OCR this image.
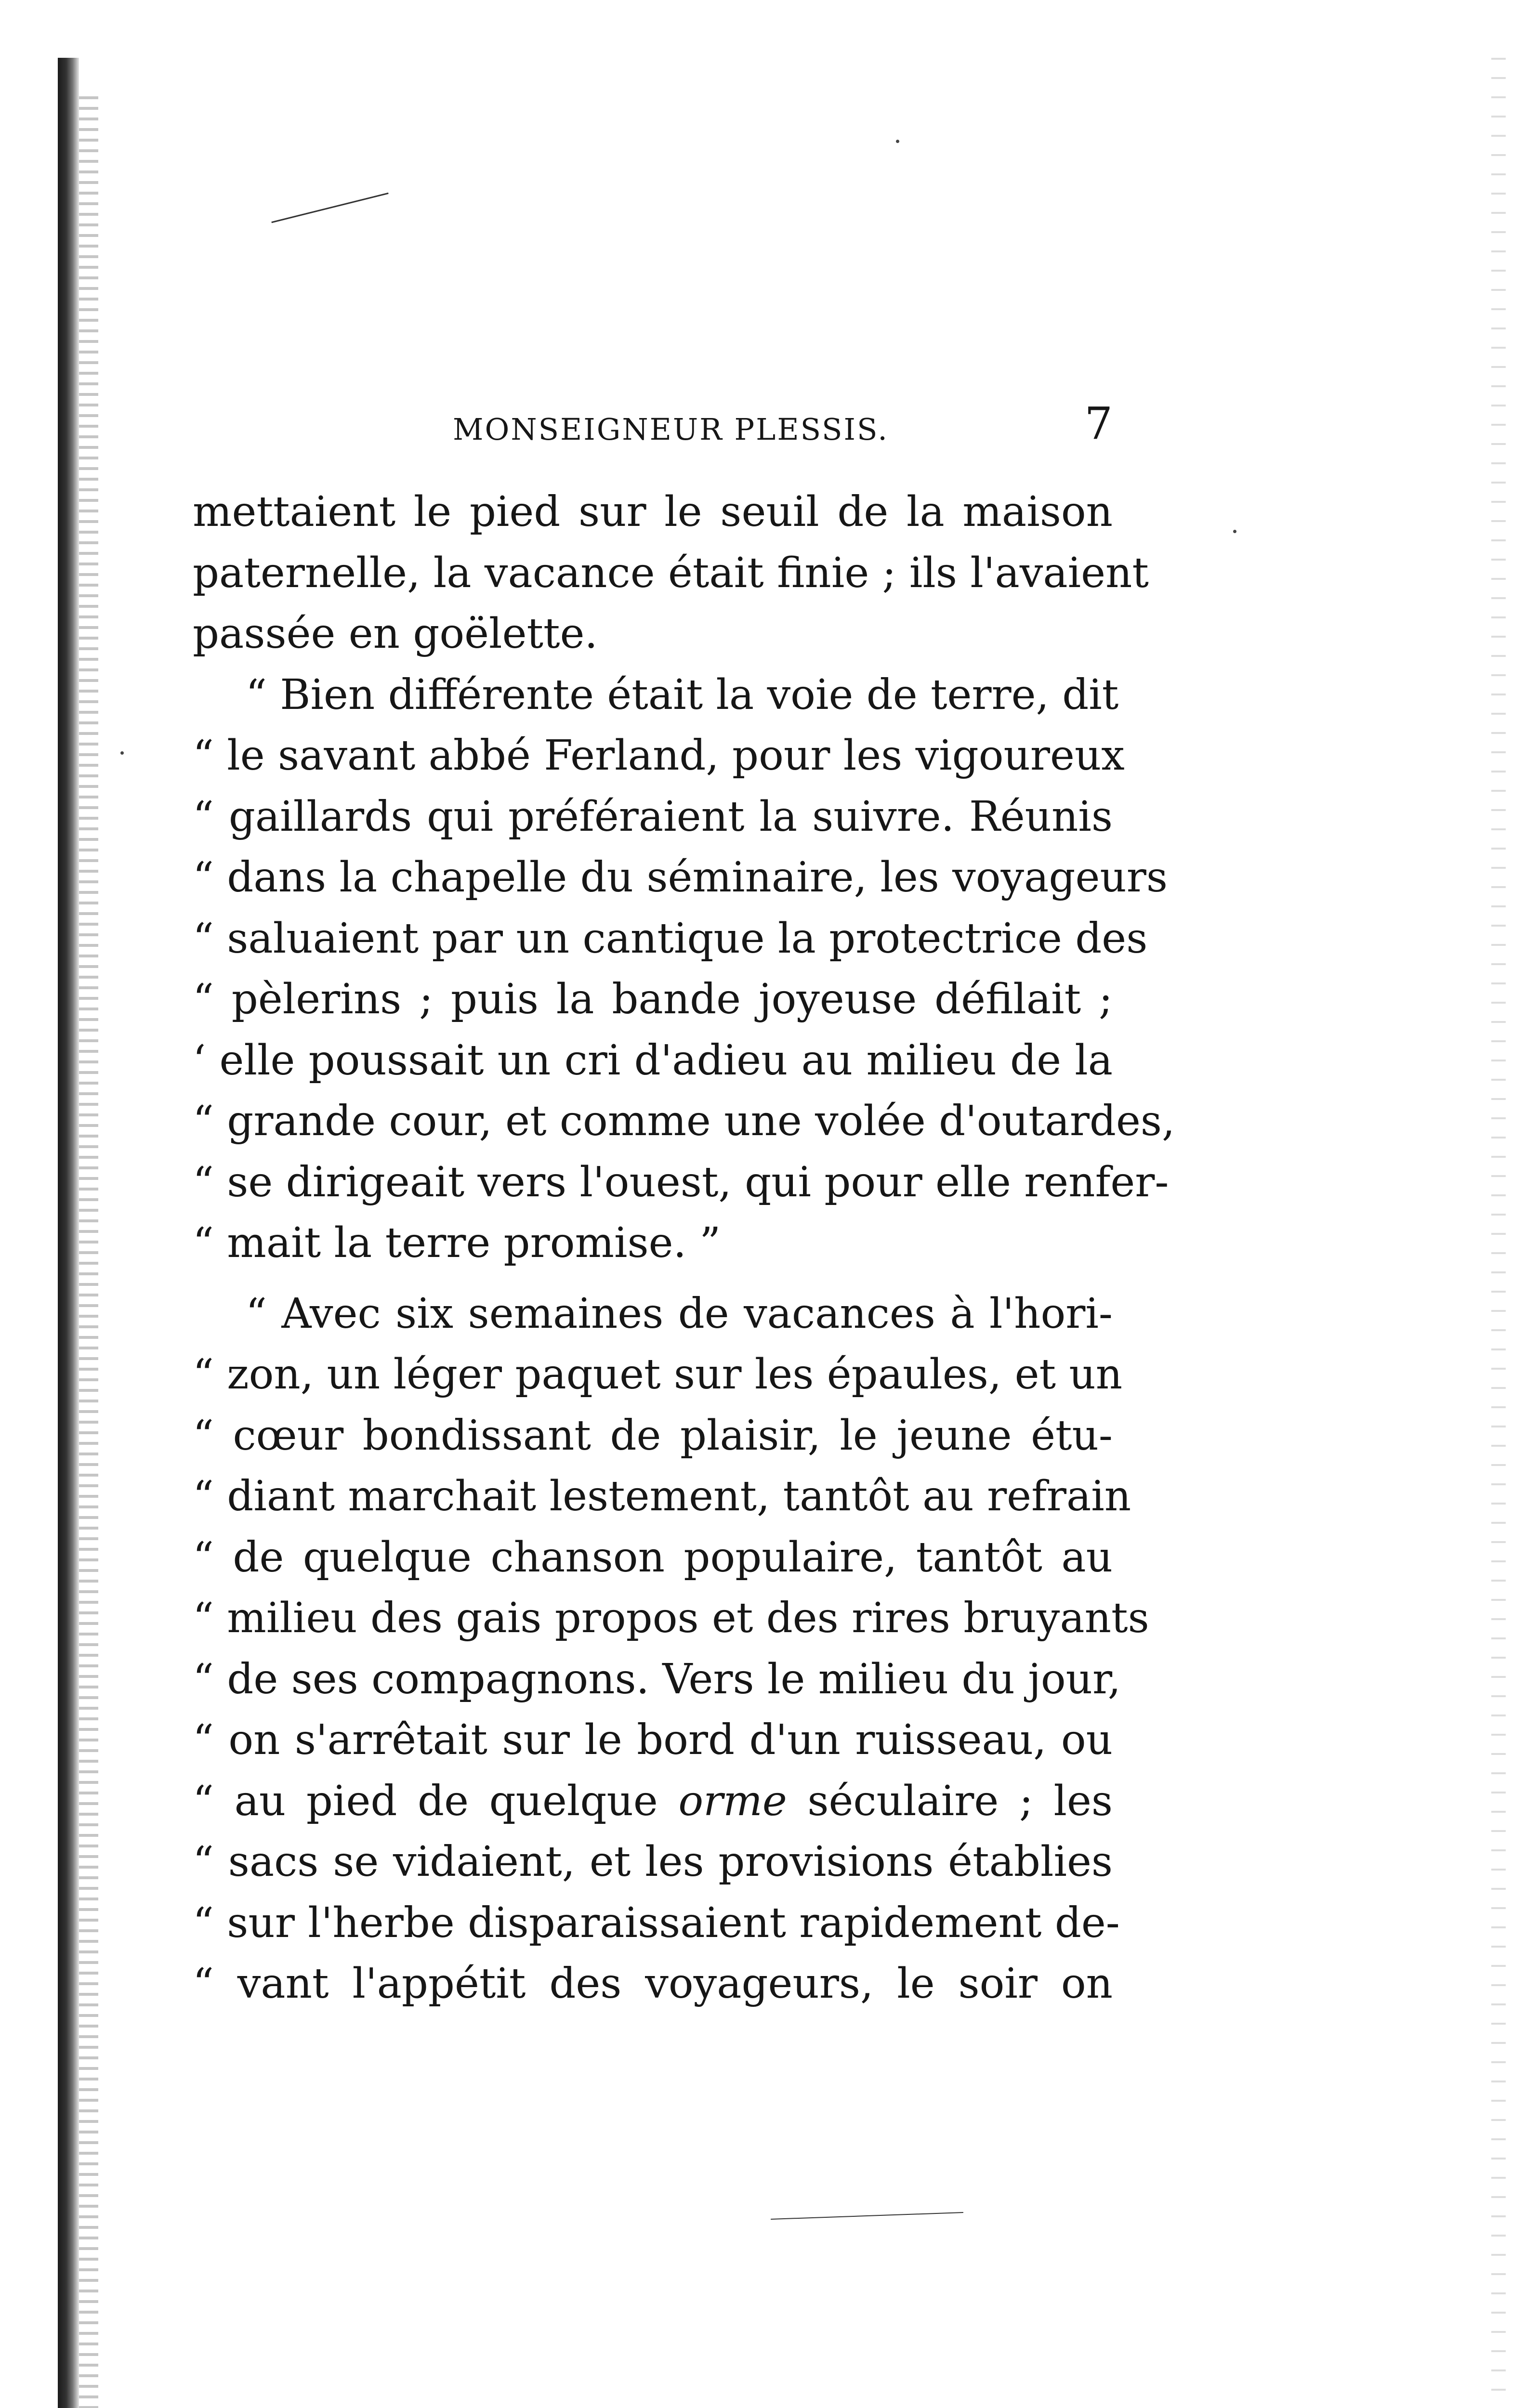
MONSEIGNEUR PLESSIS.	7
mettaient le pied sur le seuil de la maison
paternelle, la vacance était finie ; ils l'avaient
passée en goëlette.
“ Bien différente était la voie de terre, dit
“ le savant abbé Ferland, pour les vigoureux
“ gaillards qui préféraient la suivre. Réunis
“ dans la chapelle du séminaire, les voyageurs
“ saluaient par un cantique la protectrice des
“ pèlerins ; puis la bande joyeuse défilait ;
‘ elle poussait un cri d'adieu au milieu de la
“ grande cour, et comme une volée d'outardes,
“ se dirigeait vers l'ouest, qui pour elle renfer-
“ mait la terre promise. ”
“ Avec six semaines de vacances à l'hori-
“ zon, un léger paquet sur les épaules, et un
“ cœur bondissant de plaisir, le jeune étu-
“ diant marchait lestement, tantôt au refrain
“ de quelque chanson populaire, tantôt au
“ milieu des gais propos et des rires bruyants
“ de ses compagnons. Vers le milieu du jour,
“ on s'arrêtait sur le bord d'un ruisseau, ou
“ au pied de quelque orme séculaire ; les
“ sacs se vidaient, et les provisions établies
“ sur l'herbe disparaissaient rapidement de-
“ vant l'appétit des voyageurs, le soir on
